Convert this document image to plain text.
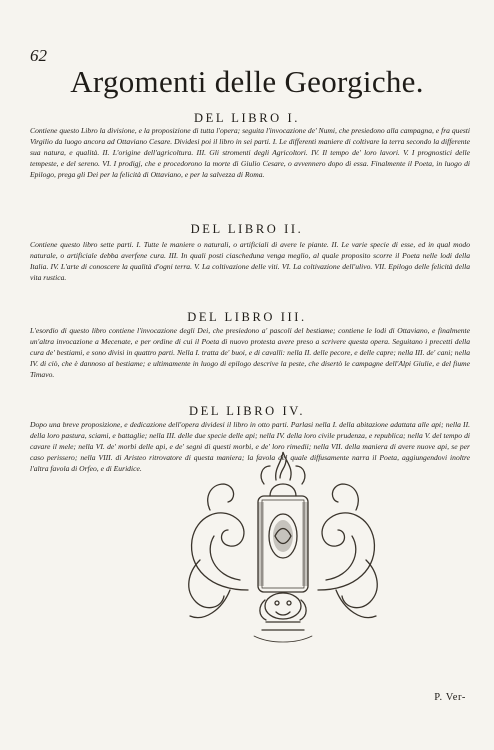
62
Argomenti delle Georgiche.
DEL LIBRO I.
Contiene questo Libro la divisione, e la proposizione di tutta l'opera; seguita l'invocazione de' Numi, che presiedono alla campagna, e fra questi Virgilio da luogo ancora ad Ottaviano Cesare. Dividesi poi il libro in sei parti. I. Le differenti maniere di coltivare la terra secondo la differente sua natura, e qualità. II. L'origine dell'agricoltura. III. Gli stromenti degli Agricoltori. IV. Il tempo de' loro lavori. V. I prognostici delle tempeste, e del sereno. VI. I prodigj, che e procedorono la morte di Giulio Cesare, o avvennero dopo di essa. Finalmente il Poeta, in luogo di Epilogo, prega gli Dei per la felicità di Ottaviano, e per la salvezza di Roma.
DEL LIBRO II.
Contiene questo libro sette parti. I. Tutte le maniere o naturali, o artificiali di avere le piante. II. Le varie specie di esse, ed in qual modo naturale, o artificiale debba averfene cura. III. In quali posti ciascheduna venga meglio, al quale proposito scorre il Poeta nelle lodi della Italia. IV. L'arte di conoscere la qualità d'ogni terra. V. La coltivazione delle viti. VI. La coltivazione dell'ulivo. VII. Epilogo delle felicità della vita rustica.
DEL LIBRO III.
L'esordio di questo libro contiene l'invocazione degli Dei, che presiedono a' pascoli del bestiame; contiene le lodi di Ottaviano, e finalmente un'altra invocazione a Mecenate, e per ordine di cui il Poeta di nuovo protesta avere preso a scrivere questa opera. Seguitano i precetti della cura de' bestiami, e sono divisi in quattro parti. Nella I. tratta de' buoi, e di cavalli: nella II. delle pecore, e delle capre; nella III. de' cani; nella IV. di ciò, che è dannoso al bestiame; e ultimamente in luogo di epilogo descrive la peste, che disertò le campagne dell'Alpi Giulie, e del fiume Timavo.
DEL LIBRO IV.
Dopo una breve proposizione, e dedicazione dell'opera dividesi il libro in otto parti. Parlasi nella I. della abitazione adattata alle api; nella II. della loro pastura, sciami, e battaglie; nella III. delle due specie delle api; nella IV. della loro civile prudenza, e republica; nella V. del tempo di cavare il mele; nella VI. de' morbi delle api, e de' segni di questi morbi, e de' loro rimedii; nella VII. della maniera di avere nuove api, se per caso perissero; nella VIII. di Aristeo ritrovatore di questa maniera; la favola del quale diffusamente narra il Poeta, aggiungendovi inoltre l'altra favola di Orfeo, e di Euridice.
P. Ver-
